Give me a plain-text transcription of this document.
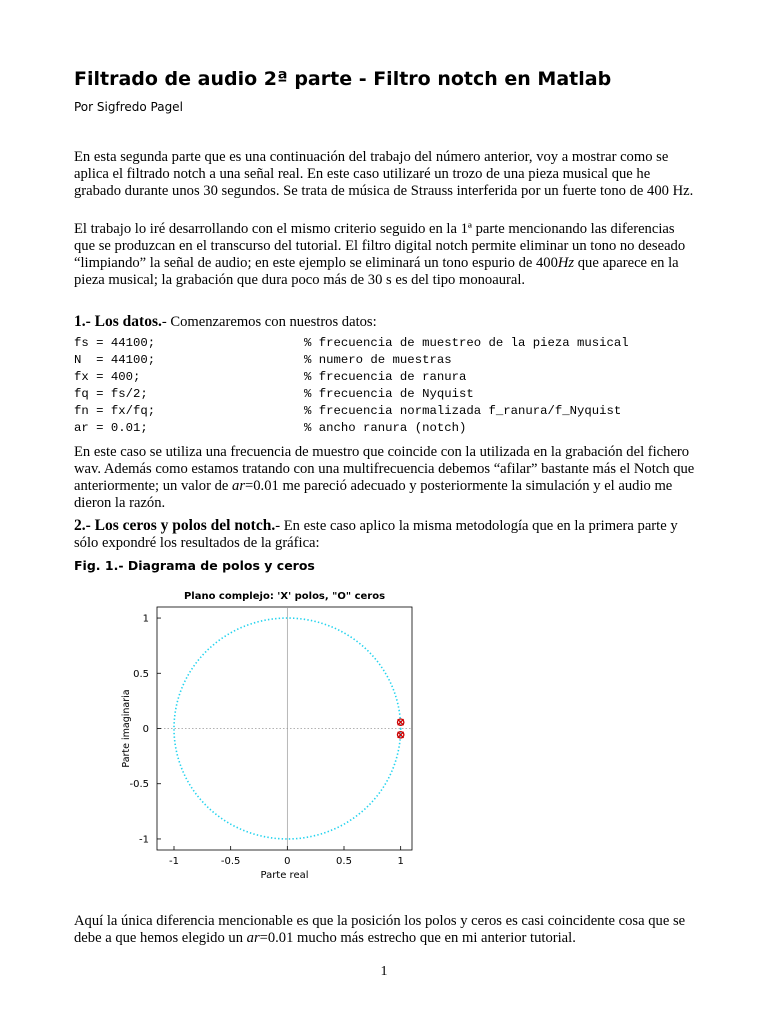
Filtrado de audio 2ª parte - Filtro notch en Matlab
Por Sigfredo Pagel

En esta segunda parte que es una continuación del trabajo del número anterior, voy a mostrar como se aplica el filtrado notch a una señal real. En este caso utilizaré un trozo de una pieza musical que he grabado durante unos 30 segundos. Se trata de música de Strauss interferida por un fuerte tono de 400 Hz.

El trabajo lo iré desarrollando con el mismo criterio seguido en la 1ª parte mencionando las diferencias que se produzcan en el transcurso del tutorial. El filtro digital notch permite eliminar un tono no deseado “limpiando” la señal de audio; en este ejemplo se eliminará un tono espurio de 400Hz que aparece en la pieza musical; la grabación que dura poco más de 30 s es del tipo monoaural.

1.- Los datos.- Comenzaremos con nuestros datos:

fs = 44100;	% frecuencia de muestreo de la pieza musical
N  = 44100;	% numero de muestras
fx = 400;	% frecuencia de ranura
fq = fs/2;	% frecuencia de Nyquist
fn = fx/fq;	% frecuencia normalizada f_ranura/f_Nyquist
ar = 0.01;	% ancho ranura (notch)

En este caso se utiliza una frecuencia de muestro que coincide con la utilizada en la grabación del fichero wav. Además como estamos tratando con una multifrecuencia debemos “afilar” bastante más el Notch que anteriormente; un valor de ar=0.01 me pareció adecuado y posteriormente la simulación y el audio me dieron la razón.

2.- Los ceros y polos del notch.- En este caso aplico la misma metodología que en la primera parte y sólo expondré los resultados de la gráfica:

Fig. 1.- Diagrama de polos y ceros
-1	-0.5	0	0.5	1
1
0.5
0
-0.5
-1
Plano complejo: 'X' polos, "O" ceros
Parte real
Parte imaginaria

Aquí la única diferencia mencionable es que la posición los polos y ceros es casi coincidente cosa que se debe a que hemos elegido un ar=0.01 mucho más estrecho que en mi anterior tutorial.

1
